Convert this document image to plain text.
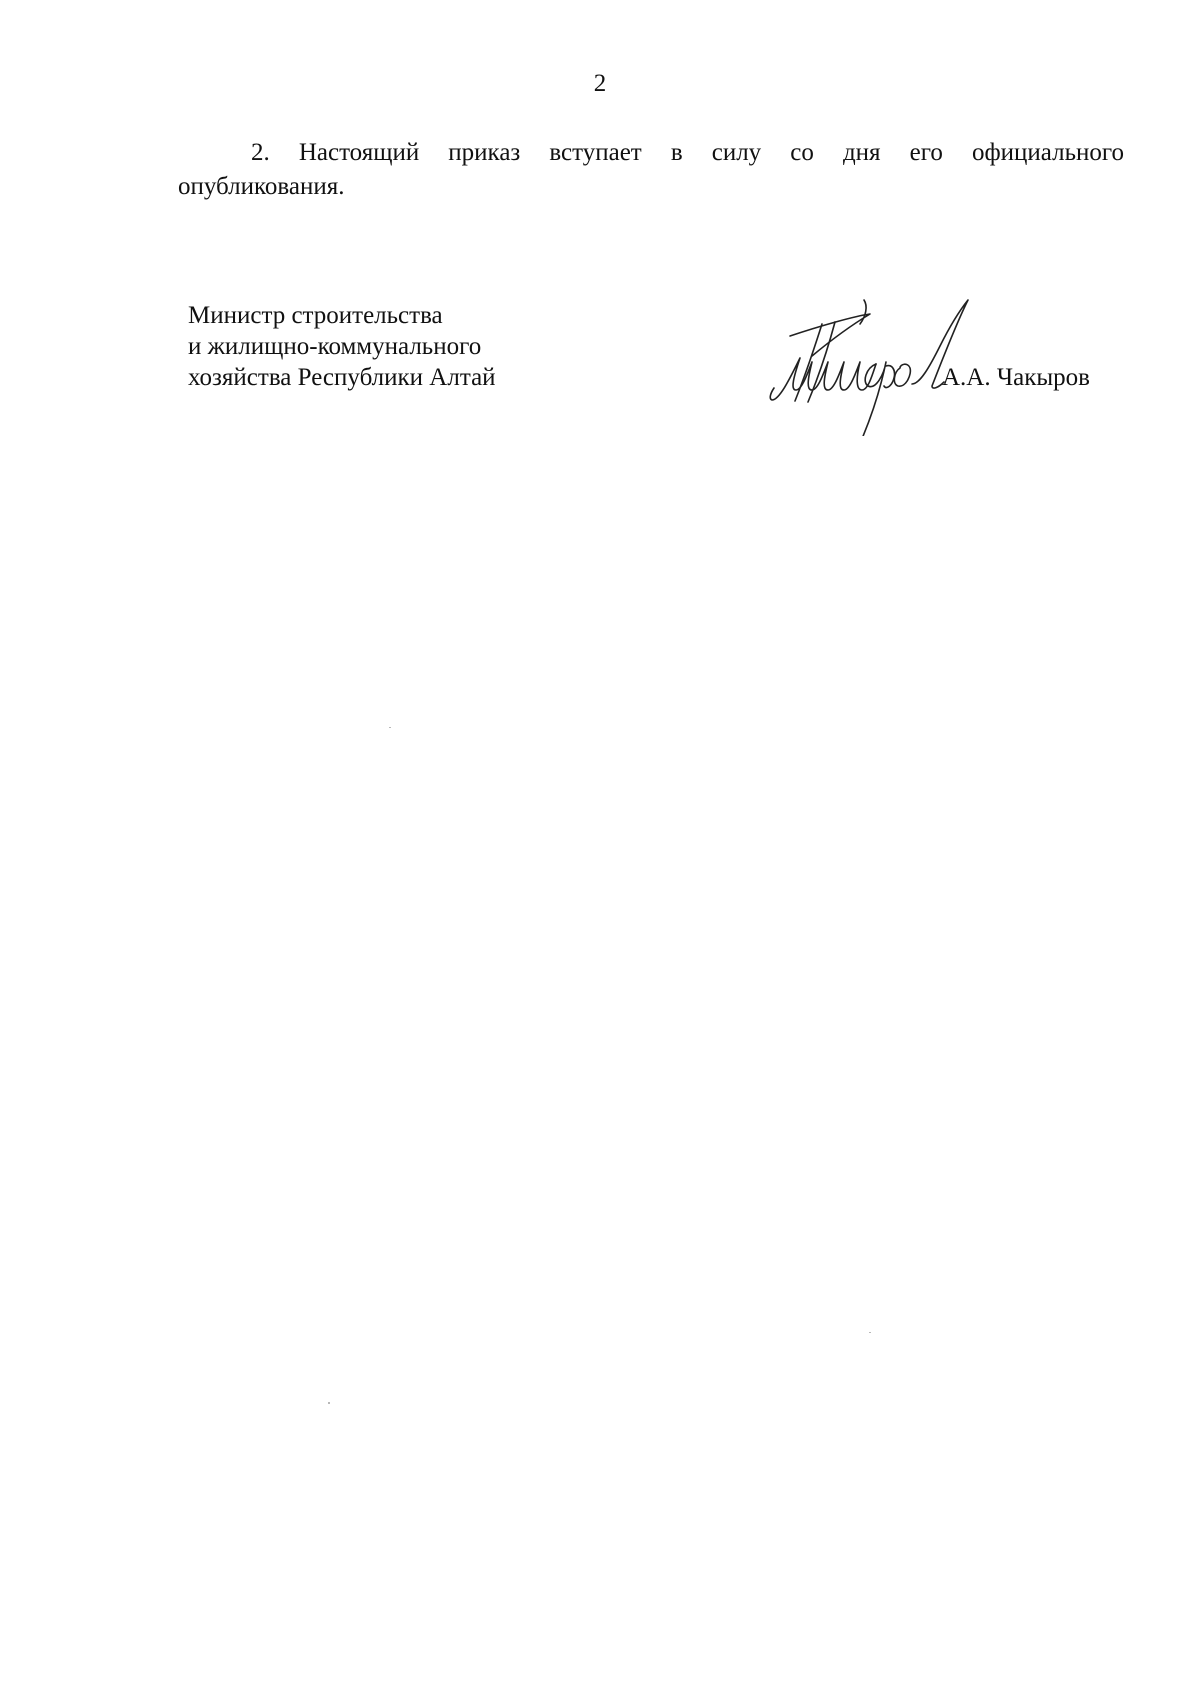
2

2. Настоящий приказ вступает в силу со дня его официального
опубликования.

Министр строительства
и жилищно-коммунального
хозяйства Республики Алтай	А.А. Чакыров
